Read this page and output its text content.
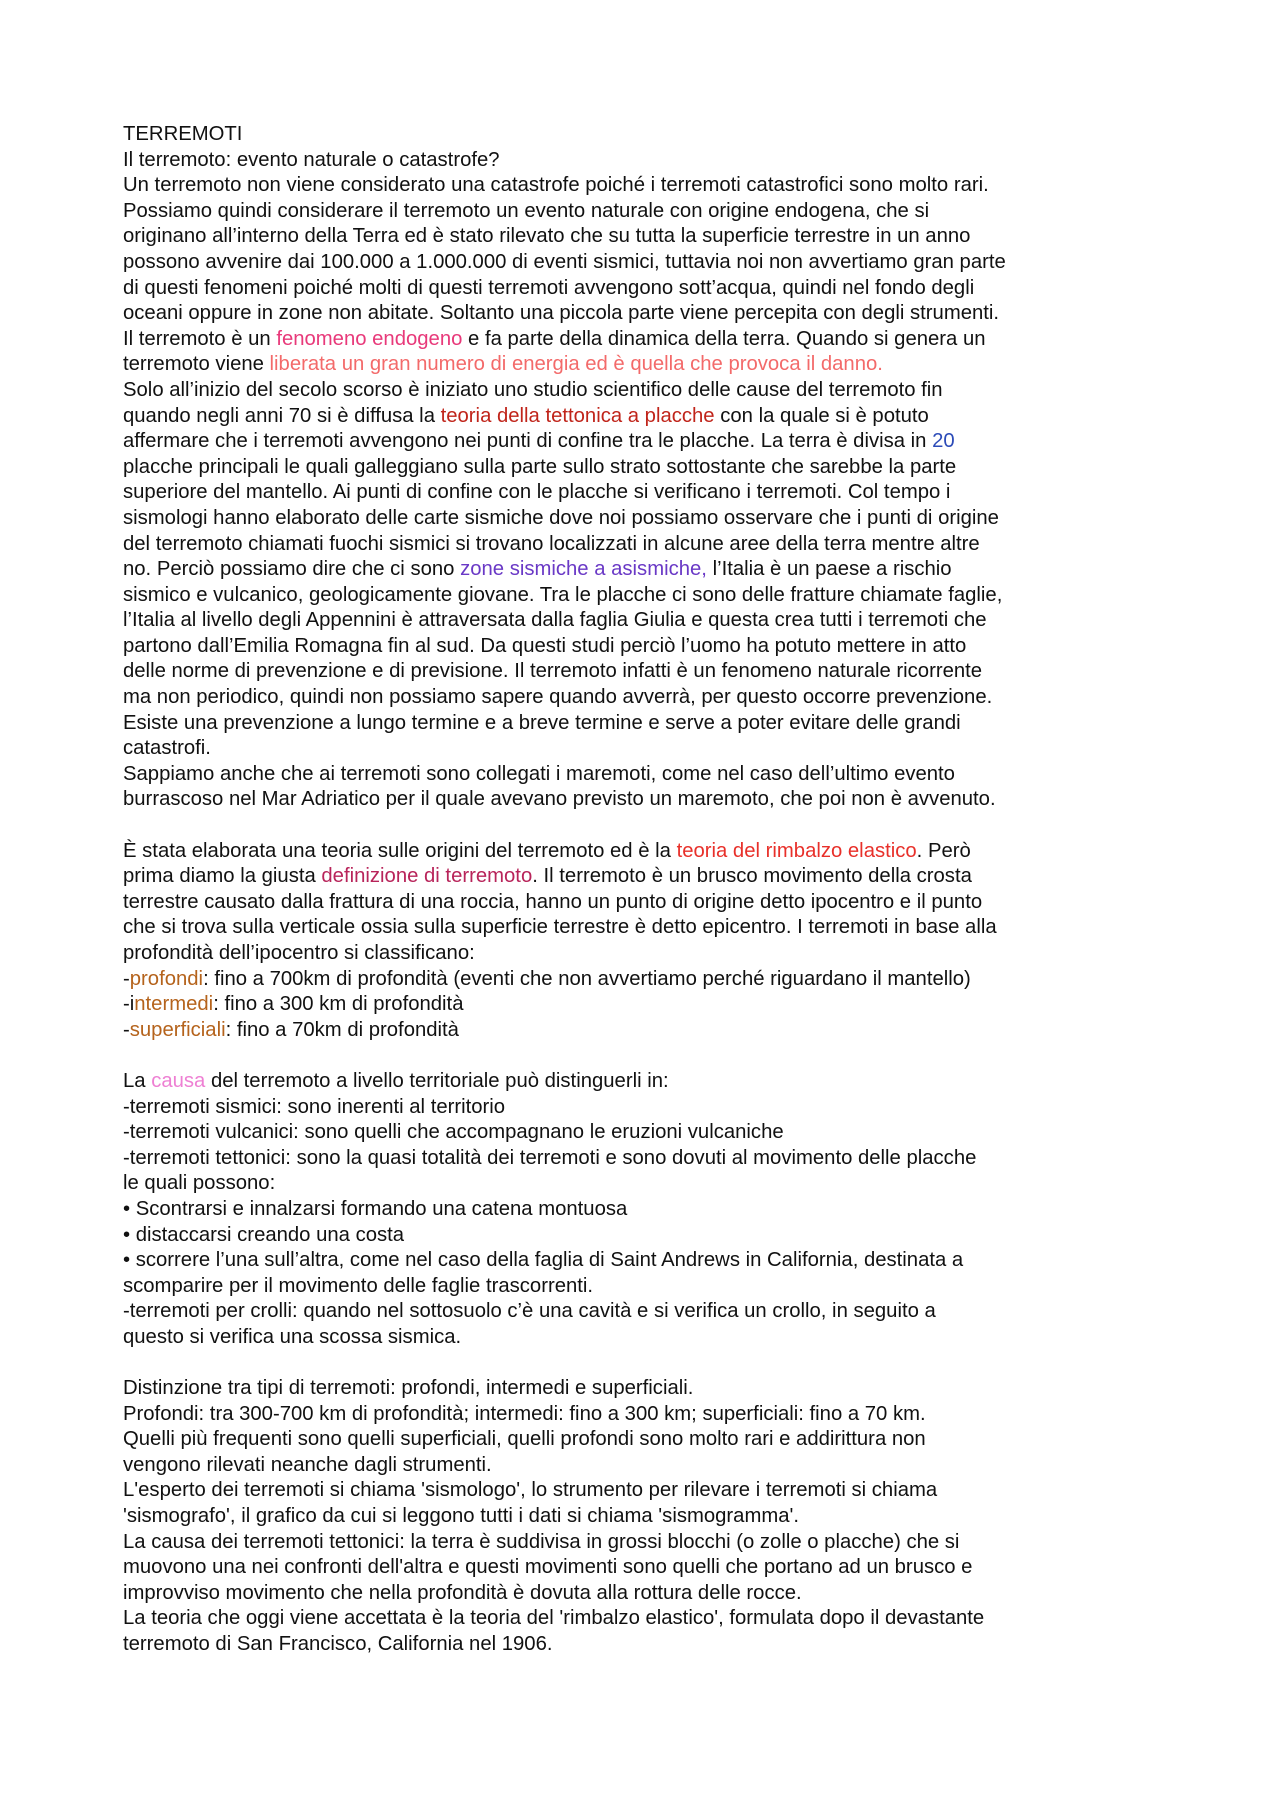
TERREMOTI
Il terremoto: evento naturale o catastrofe?
Un terremoto non viene considerato una catastrofe poiché i terremoti catastrofici sono molto rari.
Possiamo quindi considerare il terremoto un evento naturale con origine endogena, che si
originano all’interno della Terra ed è stato rilevato che su tutta la superficie terrestre in un anno
possono avvenire dai 100.000 a 1.000.000 di eventi sismici, tuttavia noi non avvertiamo gran parte
di questi fenomeni poiché molti di questi terremoti avvengono sott’acqua, quindi nel fondo degli
oceani oppure in zone non abitate. Soltanto una piccola parte viene percepita con degli strumenti.
Il terremoto è un fenomeno endogeno e fa parte della dinamica della terra. Quando si genera un
terremoto viene liberata un gran numero di energia ed è quella che provoca il danno.
Solo all’inizio del secolo scorso è iniziato uno studio scientifico delle cause del terremoto fin
quando negli anni 70 si è diffusa la teoria della tettonica a placche con la quale si è potuto
affermare che i terremoti avvengono nei punti di confine tra le placche. La terra è divisa in 20
placche principali le quali galleggiano sulla parte sullo strato sottostante che sarebbe la parte
superiore del mantello. Ai punti di confine con le placche si verificano i terremoti. Col tempo i
sismologi hanno elaborato delle carte sismiche dove noi possiamo osservare che i punti di origine
del terremoto chiamati fuochi sismici si trovano localizzati in alcune aree della terra mentre altre
no. Perciò possiamo dire che ci sono zone sismiche a asismiche, l’Italia è un paese a rischio
sismico e vulcanico, geologicamente giovane. Tra le placche ci sono delle fratture chiamate faglie,
l’Italia al livello degli Appennini è attraversata dalla faglia Giulia e questa crea tutti i terremoti che
partono dall’Emilia Romagna fin al sud. Da questi studi perciò l’uomo ha potuto mettere in atto
delle norme di prevenzione e di previsione. Il terremoto infatti è un fenomeno naturale ricorrente
ma non periodico, quindi non possiamo sapere quando avverrà, per questo occorre prevenzione.
Esiste una prevenzione a lungo termine e a breve termine e serve a poter evitare delle grandi
catastrofi.
Sappiamo anche che ai terremoti sono collegati i maremoti, come nel caso dell’ultimo evento
burrascoso nel Mar Adriatico per il quale avevano previsto un maremoto, che poi non è avvenuto.
È stata elaborata una teoria sulle origini del terremoto ed è la teoria del rimbalzo elastico. Però
prima diamo la giusta definizione di terremoto. Il terremoto è un brusco movimento della crosta
terrestre causato dalla frattura di una roccia, hanno un punto di origine detto ipocentro e il punto
che si trova sulla verticale ossia sulla superficie terrestre è detto epicentro. I terremoti in base alla
profondità dell’ipocentro si classificano:
-profondi: fino a 700km di profondità (eventi che non avvertiamo perché riguardano il mantello)
-intermedi: fino a 300 km di profondità
-superficiali: fino a 70km di profondità
La causa del terremoto a livello territoriale può distinguerli in:
-terremoti sismici: sono inerenti al territorio
-terremoti vulcanici: sono quelli che accompagnano le eruzioni vulcaniche
-terremoti tettonici: sono la quasi totalità dei terremoti e sono dovuti al movimento delle placche
le quali possono:
• Scontrarsi e innalzarsi formando una catena montuosa
• distaccarsi creando una costa
• scorrere l’una sull’altra, come nel caso della faglia di Saint Andrews in California, destinata a
scomparire per il movimento delle faglie trascorrenti.
-terremoti per crolli: quando nel sottosuolo c’è una cavità e si verifica un crollo, in seguito a
questo si verifica una scossa sismica.
Distinzione tra tipi di terremoti: profondi, intermedi e superficiali.
Profondi: tra 300-700 km di profondità; intermedi: fino a 300 km; superficiali: fino a 70 km.
Quelli più frequenti sono quelli superficiali, quelli profondi sono molto rari e addirittura non
vengono rilevati neanche dagli strumenti.
L'esperto dei terremoti si chiama 'sismologo', lo strumento per rilevare i terremoti si chiama
'sismografo', il grafico da cui si leggono tutti i dati si chiama 'sismogramma'.
La causa dei terremoti tettonici: la terra è suddivisa in grossi blocchi (o zolle o placche) che si
muovono una nei confronti dell'altra e questi movimenti sono quelli che portano ad un brusco e
improvviso movimento che nella profondità è dovuta alla rottura delle rocce.
La teoria che oggi viene accettata è la teoria del 'rimbalzo elastico', formulata dopo il devastante
terremoto di San Francisco, California nel 1906.
